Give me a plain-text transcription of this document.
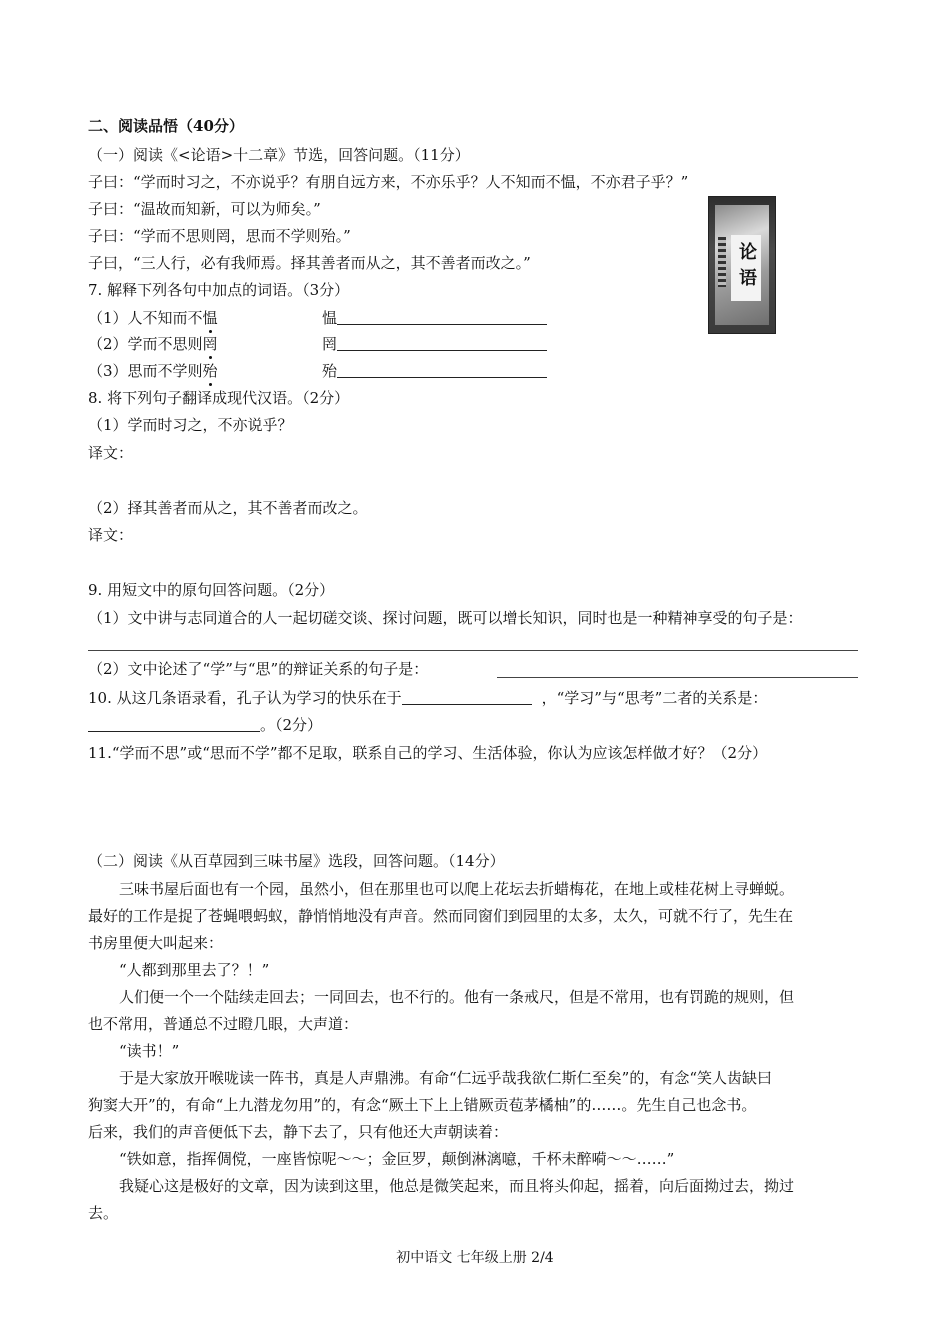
二、阅读品悟（40分）
（一）阅读《<论语>十二章》节选，回答问题。（11分）
子曰：“学而时习之，不亦说乎？有朋自远方来，不亦乐乎？人不知而不愠，不亦君子乎？”
子曰：“温故而知新，可以为师矣。”
子曰：“学而不思则罔，思而不学则殆。”
子曰，“三人行，必有我师焉。择其善者而从之，其不善者而改之。”	论语
7. 解释下列各句中加点的词语。（3分）
（1）人不知而不愠	愠
（2）学而不思则罔	罔
（3）思而不学则殆	殆
8. 将下列句子翻译成现代汉语。（2分）
（1）学而时习之，不亦说乎？
译文：
（2）择其善者而从之，其不善者而改之。
译文：
9. 用短文中的原句回答问题。（2分）
（1）文中讲与志同道合的人一起切磋交谈、探讨问题，既可以增长知识，同时也是一种精神享受的句子是：
（2）文中论述了“学”与“思”的辩证关系的句子是：
10. 从这几条语录看，孔子认为学习的快乐在于	，“学习”与“思考”二者的关系是：
。（2分）
11.“学而不思”或“思而不学”都不足取，联系自己的学习、生活体验，你认为应该怎样做才好？（2分）
（二）阅读《从百草园到三味书屋》选段，回答问题。（14分）
三味书屋后面也有一个园，虽然小，但在那里也可以爬上花坛去折蜡梅花，在地上或桂花树上寻蝉蜕。
最好的工作是捉了苍蝇喂蚂蚁，静悄悄地没有声音。然而同窗们到园里的太多，太久，可就不行了，先生在
书房里便大叫起来：
“人都到那里去了？！”
人们便一个一个陆续走回去；一同回去，也不行的。他有一条戒尺，但是不常用，也有罚跪的规则，但
也不常用，普通总不过瞪几眼，大声道：
“读书！”
于是大家放开喉咙读一阵书，真是人声鼎沸。有命“仁远乎哉我欲仁斯仁至矣”的，有念“笑人齿缺曰
狗窦大开”的，有命“上九潜龙勿用”的，有念“厥土下上上错厥贡苞茅橘柚”的……。先生自己也念书。
后来，我们的声音便低下去，静下去了，只有他还大声朝读着：
“铁如意，指挥倜傥，一座皆惊呢～～；金叵罗，颠倒淋漓噫，千杯未醉嗬～～……”
我疑心这是极好的文章，因为读到这里，他总是微笑起来，而且将头仰起，摇着，向后面拗过去，拗过
去。
初中语文 七年级上册 2/4
